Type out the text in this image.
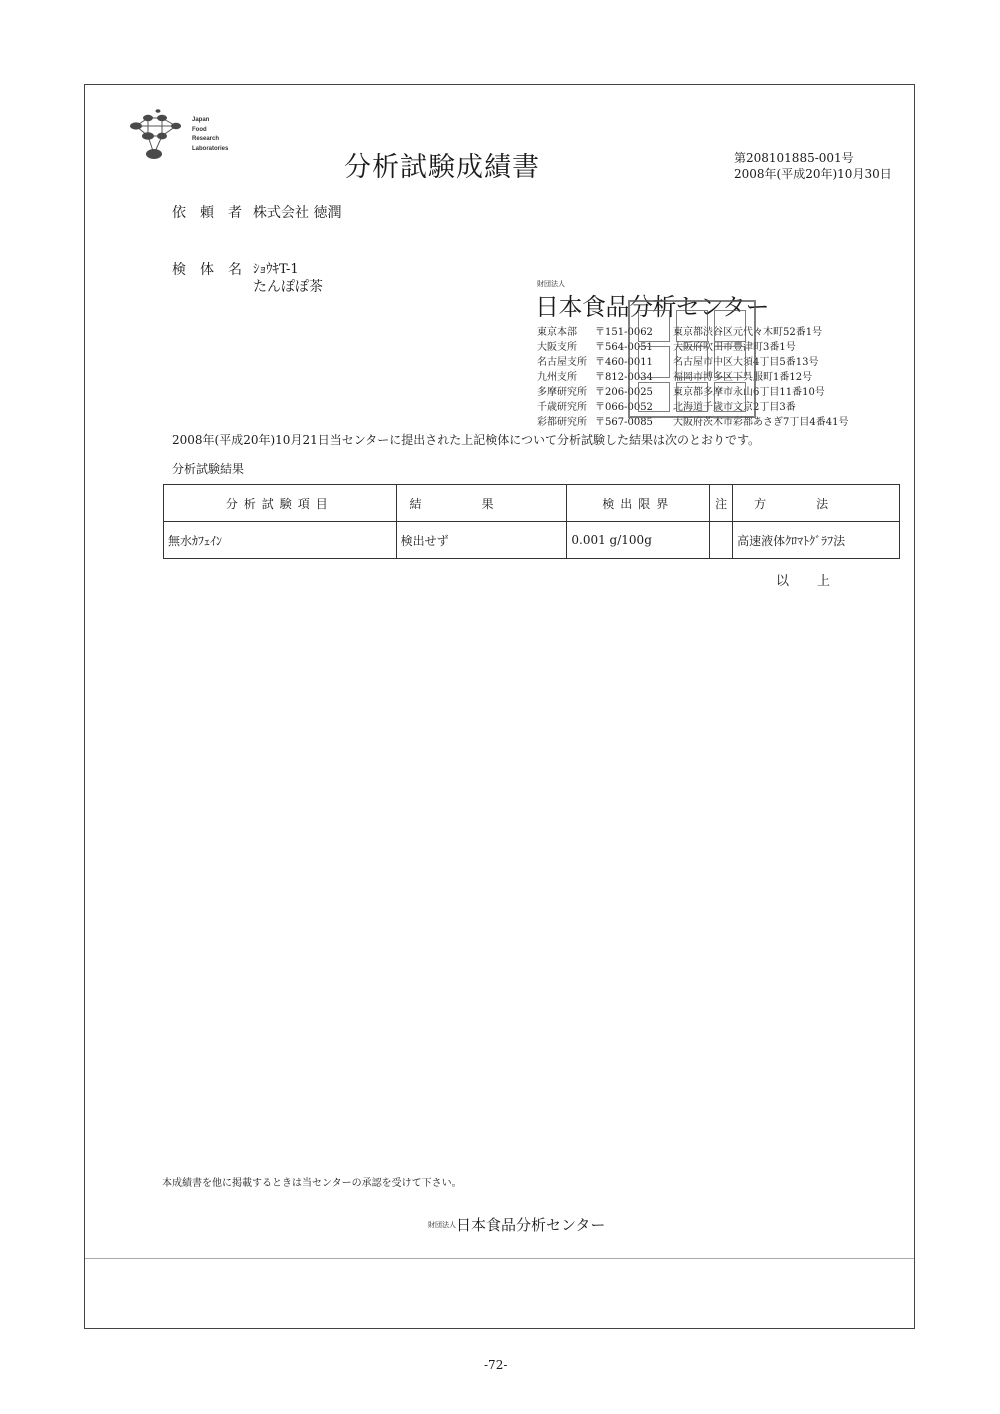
Japan
Food
Research
Laboratories
分析試験成績書	第208101885-001号
2008年(平成20年)10月30日
依頼者
株式会社 徳潤
検体名
ｼｮｳｷT-1
たんぽぽ茶	財団法人
日本食品分析センター
東京本部 〒151-0062 東京都渋谷区元代々木町52番1号
大阪支所 〒564-0051 大阪府吹田市豊津町3番1号
名古屋支所 〒460-0011 名古屋市中区大須4丁目5番13号
九州支所 〒812-0034 福岡市博多区下呉服町1番12号
多摩研究所 〒206-0025 東京都多摩市永山6丁目11番10号
千歳研究所 〒066-0052 北海道千歳市文京2丁目3番
彩都研究所 〒567-0085 大阪府茨木市彩都あさぎ7丁目4番41号
2008年(平成20年)10月21日当センターに提出された上記検体について分析試験した結果は次のとおりです。
分析試験結果
分析試験項目	結果	検出限界	注	方法
無水ｶﾌｪｲﾝ	検出せず	0.001 g/100g		高速液体ｸﾛﾏﾄｸﾞﾗﾌ法
以上
本成績書を他に掲載するときは当センターの承認を受けて下さい。
財団法人 日本食品分析センター
-72-
